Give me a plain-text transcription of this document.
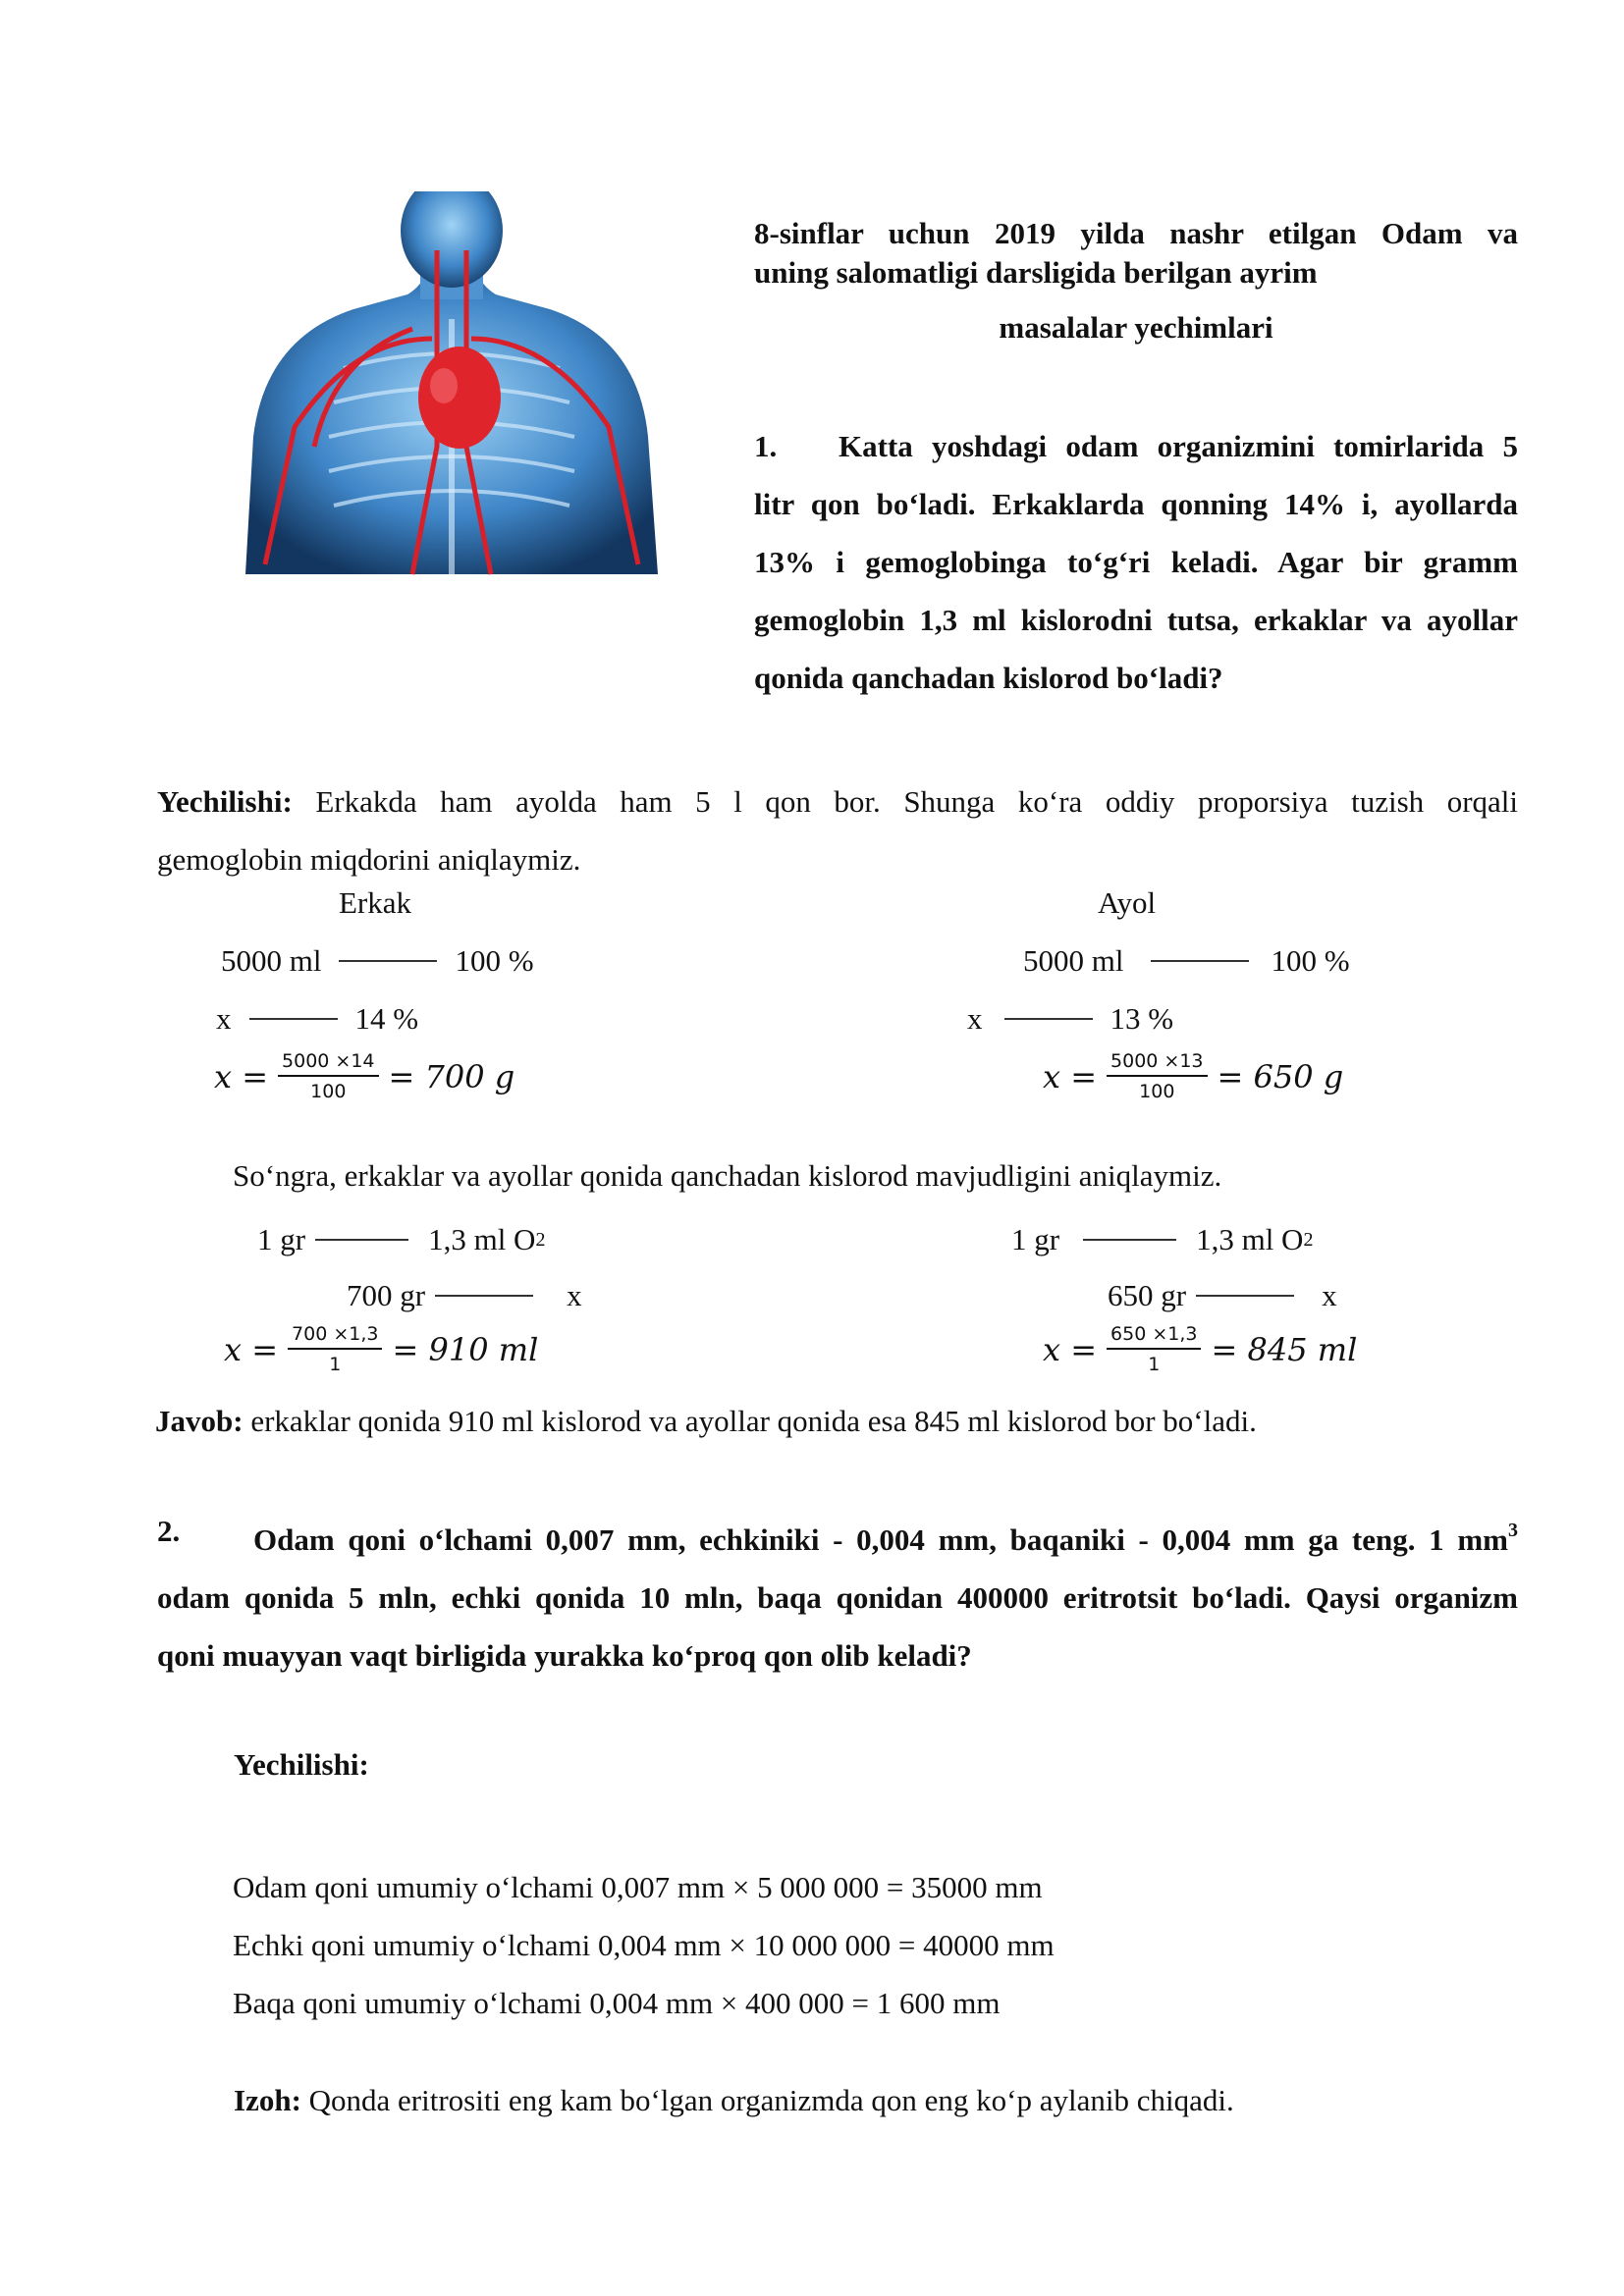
8-sinflar uchun 2019 yilda nashr etilgan Odam va
uning salomatligi darsligida berilgan ayrim
masalalar yechimlari
1.	Katta yoshdagi odam organizmini tomirlarida 5
litr qon bo‘ladi. Erkaklarda qonning 14% i, ayollarda
13% i gemoglobinga to‘g‘ri keladi. Agar bir gramm
gemoglobin 1,3 ml kislorodni tutsa, erkaklar va ayollar
qonida qanchadan kislorod bo‘ladi?
Yechilishi: Erkakda ham ayolda ham 5 l qon bor. Shunga ko‘ra oddiy proporsiya tuzish orqali
gemoglobin miqdorini aniqlaymiz.
Erkak
5000 ml	100 %
x	14 %
$x = \frac{5000 \times 14}{100} = 700$ g
Ayol
5000 ml	100 %
x	13 %
$x = \frac{5000 \times 13}{100} = 650$ g
So‘ngra, erkaklar va ayollar qonida qanchadan kislorod mavjudligini aniqlaymiz.
1 gr	1,3 ml O 2
700 gr	x
$x = \frac{700 \times 1,3}{1} = 910$ ml
1 gr	1,3 ml O 2
650 gr	x
$x = \frac{650 \times 1,3}{1} = 845$ ml
Javob: erkaklar qonida 910 ml kislorod va ayollar qonida esa 845 ml kislorod bor bo‘ladi.
2.	Odam qoni o‘lchami 0,007 mm, echkiniki - 0,004 mm, baqaniki - 0,004 mm ga teng. 1 $mm^3$
odam qonida 5 mln, echki qonida 10 mln, baqa qonidan 400000 eritrotsit bo‘ladi. Qaysi organizm
qoni muayyan vaqt birligida yurakka ko‘proq qon olib keladi?
Yechilishi:
Odam qoni umumiy o‘lchami 0,007 mm × 5 000 000 = 35000 mm
Echki qoni umumiy o‘lchami 0,004 mm × 10 000 000 = 40000 mm
Baqa qoni umumiy o‘lchami 0,004 mm × 400 000 = 1 600 mm
Izoh: Qonda eritrositi eng kam bo‘lgan organizmda qon eng ko‘p aylanib chiqadi.
